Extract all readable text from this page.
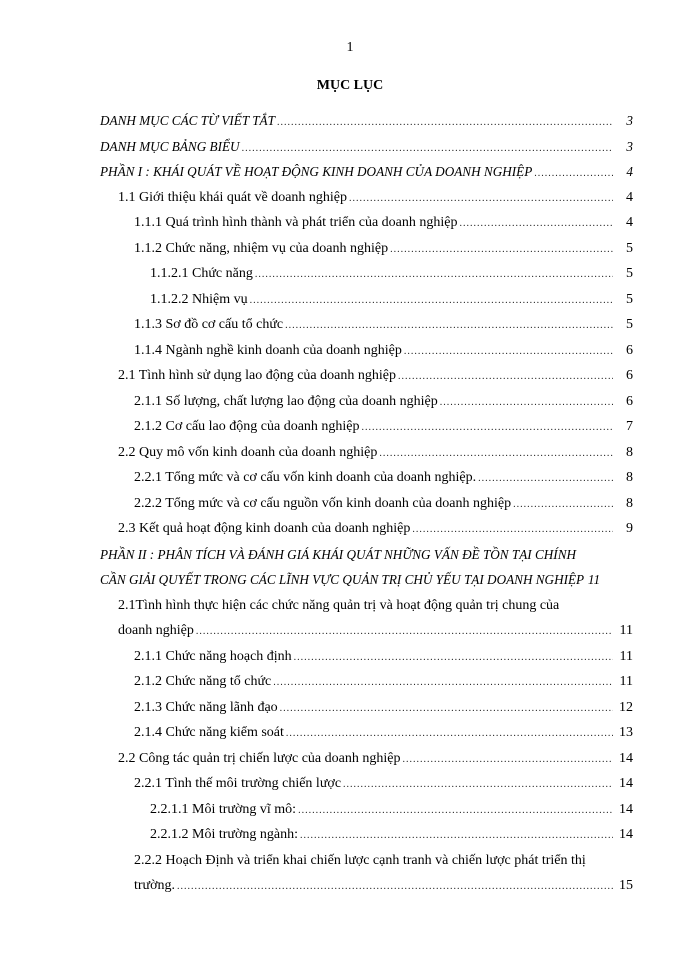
1
MỤC LỤC
DANH MỤC CÁC TỪ VIẾT TẮT .....	3
DANH MỤC BẢNG BIỂU .....	3
PHẦN I : KHÁI QUÁT VỀ HOẠT ĐỘNG KINH DOANH CỦA DOANH NGHIỆP .....	4
1.1 Giới thiệu khái quát về doanh nghiệp .....	4
1.1.1 Quá trình hình thành và phát triển của doanh nghiệp .....	4
1.1.2 Chức năng, nhiệm vụ của doanh nghiệp .....	5
1.1.2.1 Chức năng .....	5
1.1.2.2 Nhiệm vụ .....	5
1.1.3 Sơ đồ cơ cấu tổ chức .....	5
1.1.4 Ngành nghề kinh doanh của doanh nghiệp .....	6
2.1 Tình hình sử dụng lao động của doanh nghiệp .....	6
2.1.1 Số lượng, chất lượng lao động của doanh nghiệp .....	6
2.1.2 Cơ cấu lao động của doanh nghiệp .....	7
2.2 Quy mô vốn kinh doanh của doanh nghiệp .....	8
2.2.1 Tổng mức và cơ cấu vốn kinh doanh của doanh nghiệp. .....	8
2.2.2 Tổng mức và cơ cấu nguồn vốn kinh doanh của doanh nghiệp .....	8
2.3 Kết quả hoạt động kinh doanh của doanh nghiệp .....	9
PHẦN II : PHÂN TÍCH VÀ ĐÁNH GIÁ KHÁI QUÁT NHỮNG VẤN ĐỀ TỒN TẠI CHÍNH
CẦN GIẢI QUYẾT TRONG CÁC LĨNH VỰC QUẢN TRỊ CHỦ YẾU TẠI DOANH NGHIỆP 11
2.1Tình hình thực hiện các chức năng quản trị và hoạt động quản trị chung của
doanh nghiệp .....	11
2.1.1 Chức năng hoạch định .....	11
2.1.2 Chức năng tổ chức .....	11
2.1.3 Chức năng lãnh đạo .....	12
2.1.4 Chức năng kiểm soát .....	13
2.2 Công tác quản trị chiến lược của doanh nghiệp .....	14
2.2.1 Tình thế môi trường chiến lược .....	14
2.2.1.1 Môi trường vĩ mô: .....	14
2.2.1.2 Môi trường ngành: .....	14
2.2.2 Hoạch Định và triển khai chiến lược cạnh tranh và chiến lược phát triển thị
trường. .....	15
